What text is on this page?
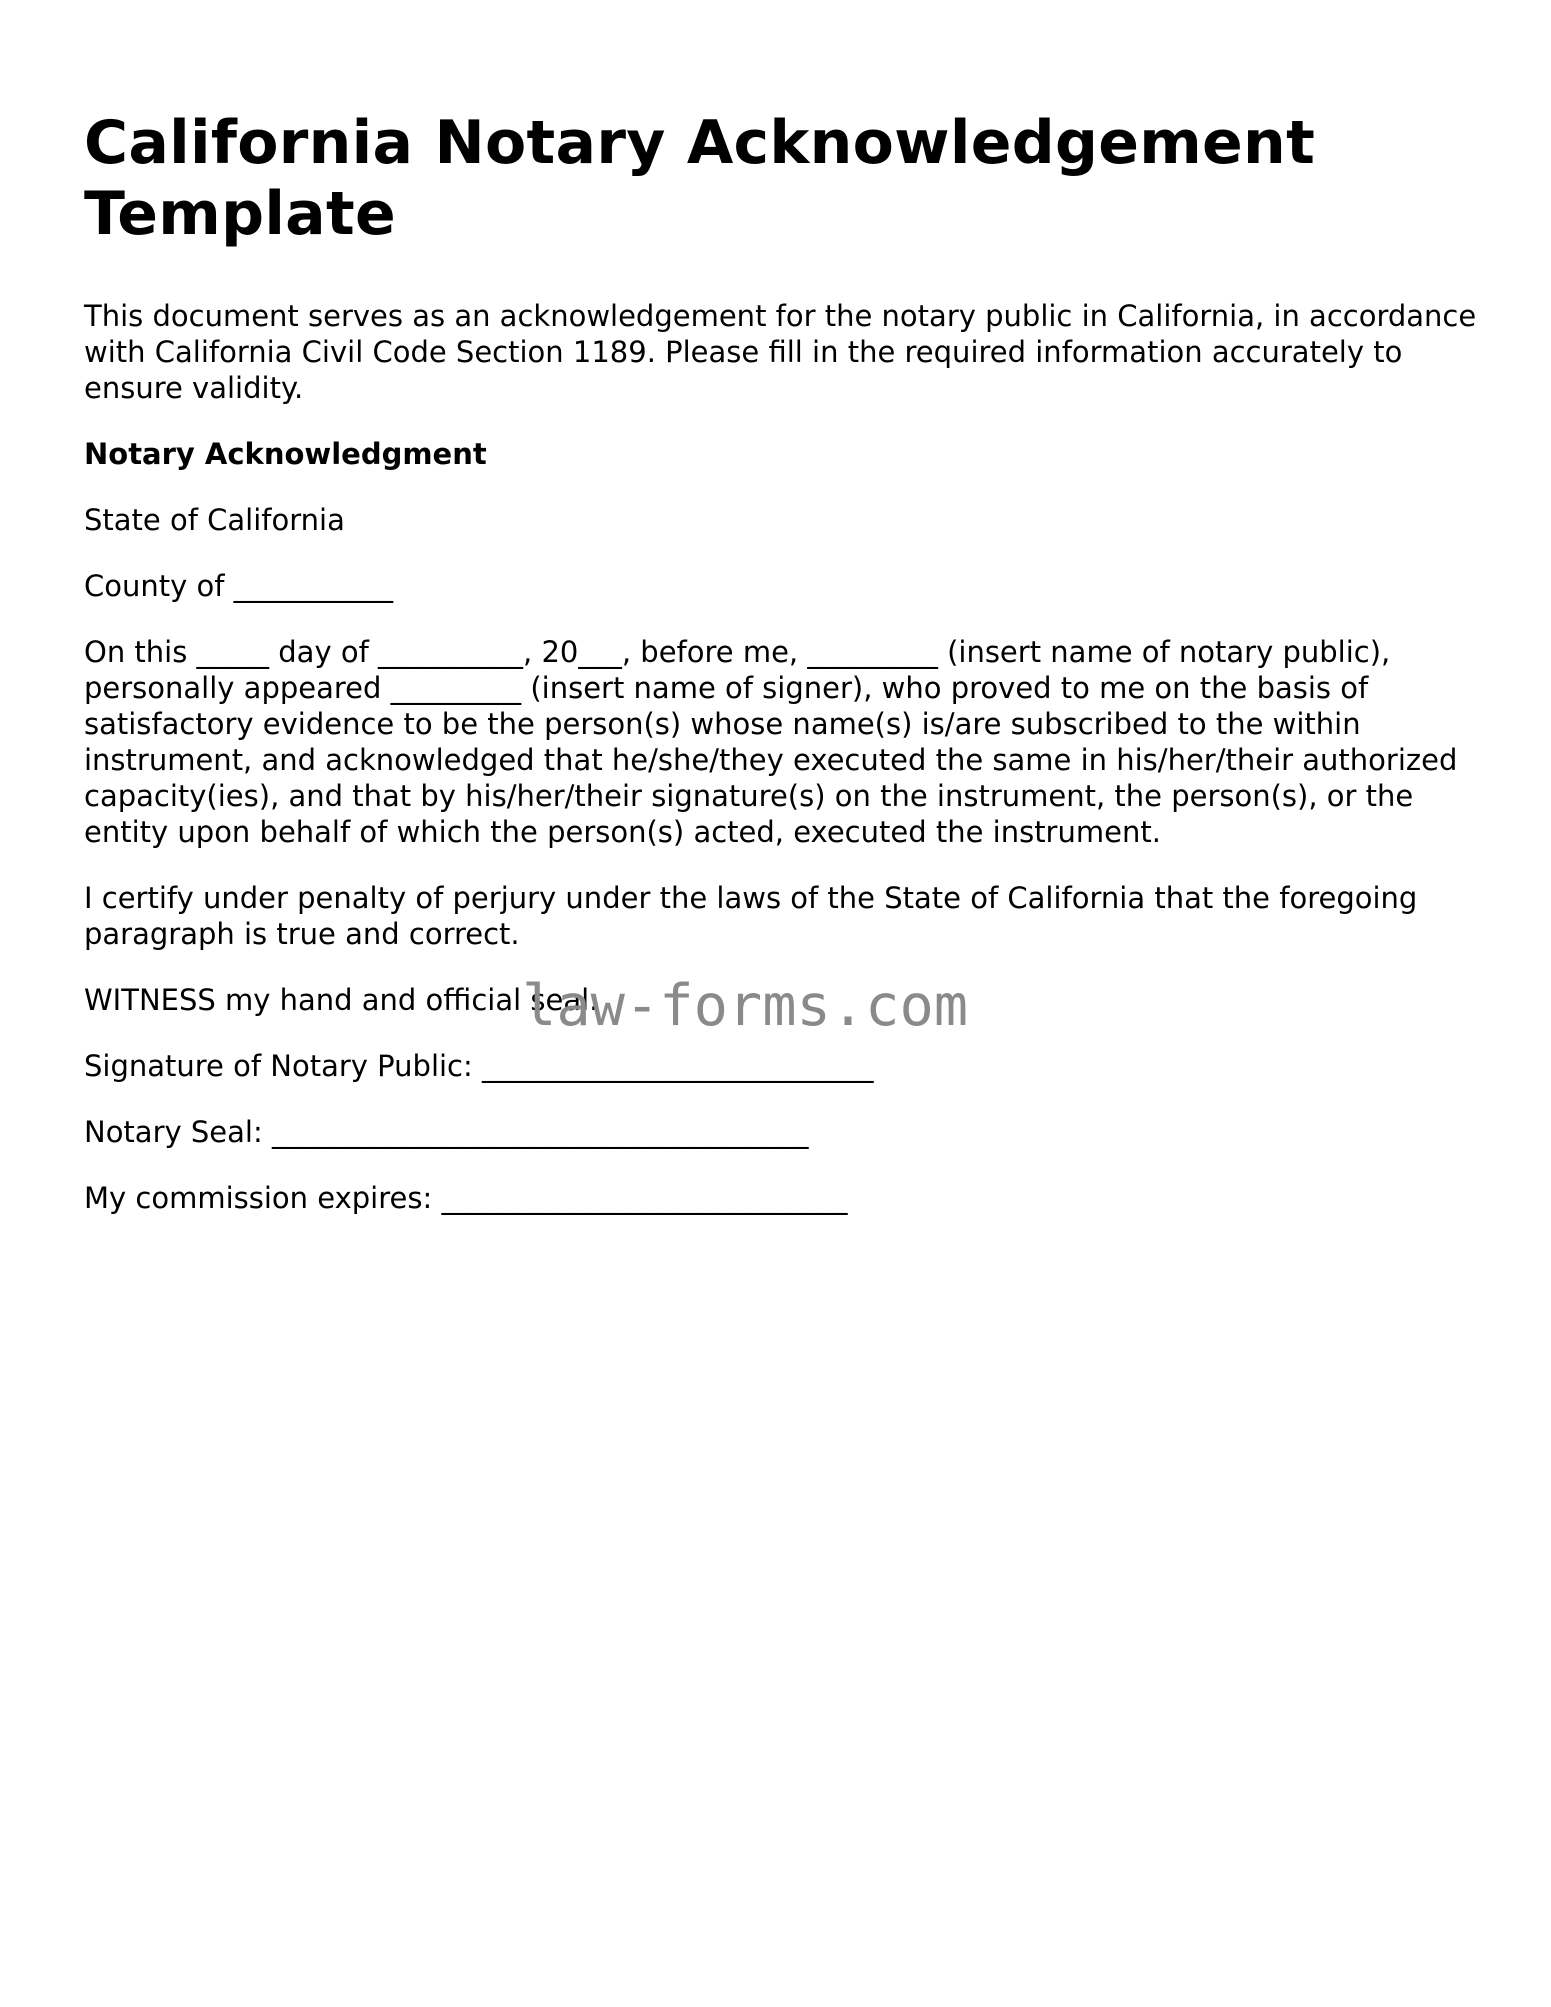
California Notary Acknowledgement Template

This document serves as an acknowledgement for the notary public in California, in accordance with California Civil Code Section 1189. Please fill in the required information accurately to ensure validity.

Notary Acknowledgment

State of California

County of ___________

On this _____ day of __________, 20___, before me, _________ (insert name of notary public), personally appeared _________ (insert name of signer), who proved to me on the basis of satisfactory evidence to be the person(s) whose name(s) is/are subscribed to the within instrument, and acknowledged that he/she/they executed the same in his/her/their authorized capacity(ies), and that by his/her/their signature(s) on the instrument, the person(s), or the entity upon behalf of which the person(s) acted, executed the instrument.

I certify under penalty of perjury under the laws of the State of California that the foregoing paragraph is true and correct.

WITNESS my hand and official seal.

Signature of Notary Public: ___________________________

Notary Seal: _____________________________________

My commission expires: ____________________________

law-forms.com
